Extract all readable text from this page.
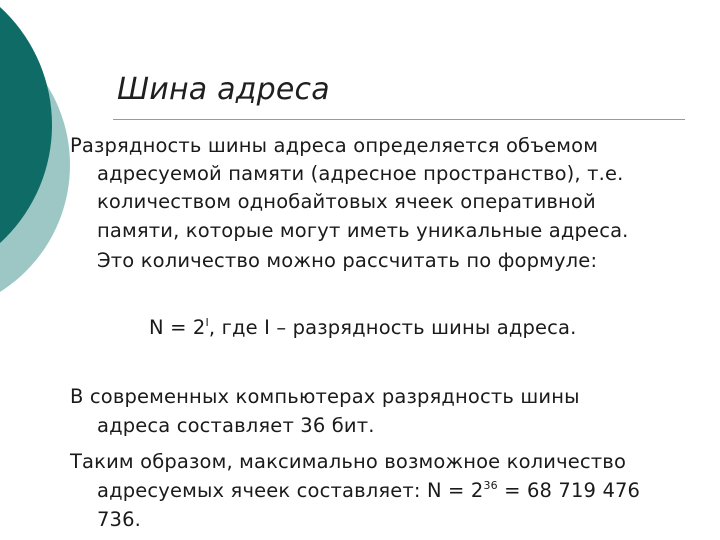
Шина адреса
Разрядность шины адреса определяется объемом
адресуемой памяти (адресное пространство), т.е.
количеством однобайтовых ячеек оперативной
памяти, которые могут иметь уникальные адреса.
Это количество можно рассчитать по формуле:
$N = 2^I$, где I – разрядность шины адреса.
В современных компьютерах разрядность шины
адреса составляет 36 бит.
Таким образом, максимально возможное количество
адресуемых ячеек составляет: $N = 2^{36} = 68$ 719 476
736.
